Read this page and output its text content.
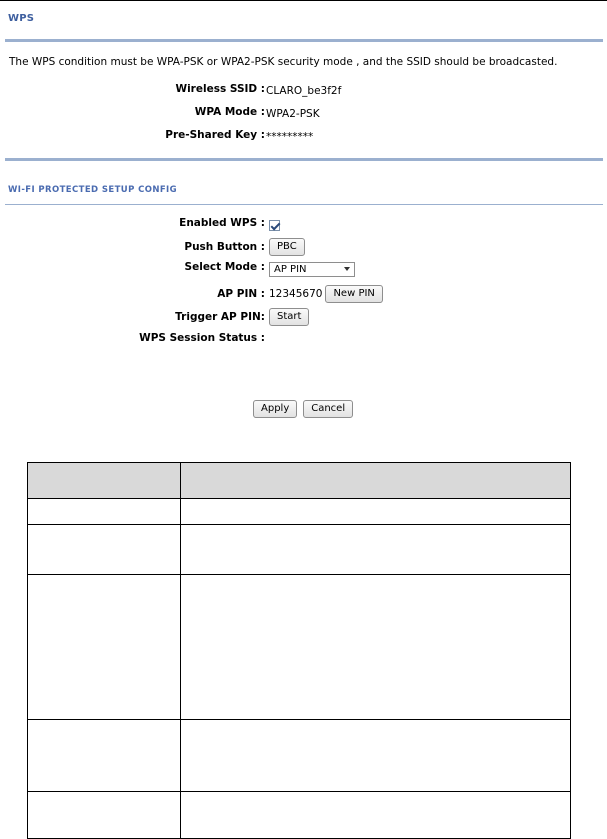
WPS
The WPS condition must be WPA-PSK or WPA2-PSK security mode , and the SSID should be broadcasted.
Wireless SSID : CLARO_be3f2f
WPA Mode : WPA2-PSK
Pre-Shared Key : *********
WI-FI PROTECTED SETUP CONFIG
Enabled WPS :
Push Button :	PBC
Select Mode : AP PIN
AP PIN : 12345670	New PIN
Trigger AP PIN:	Start
WPS Session Status :
Apply	Cancel
